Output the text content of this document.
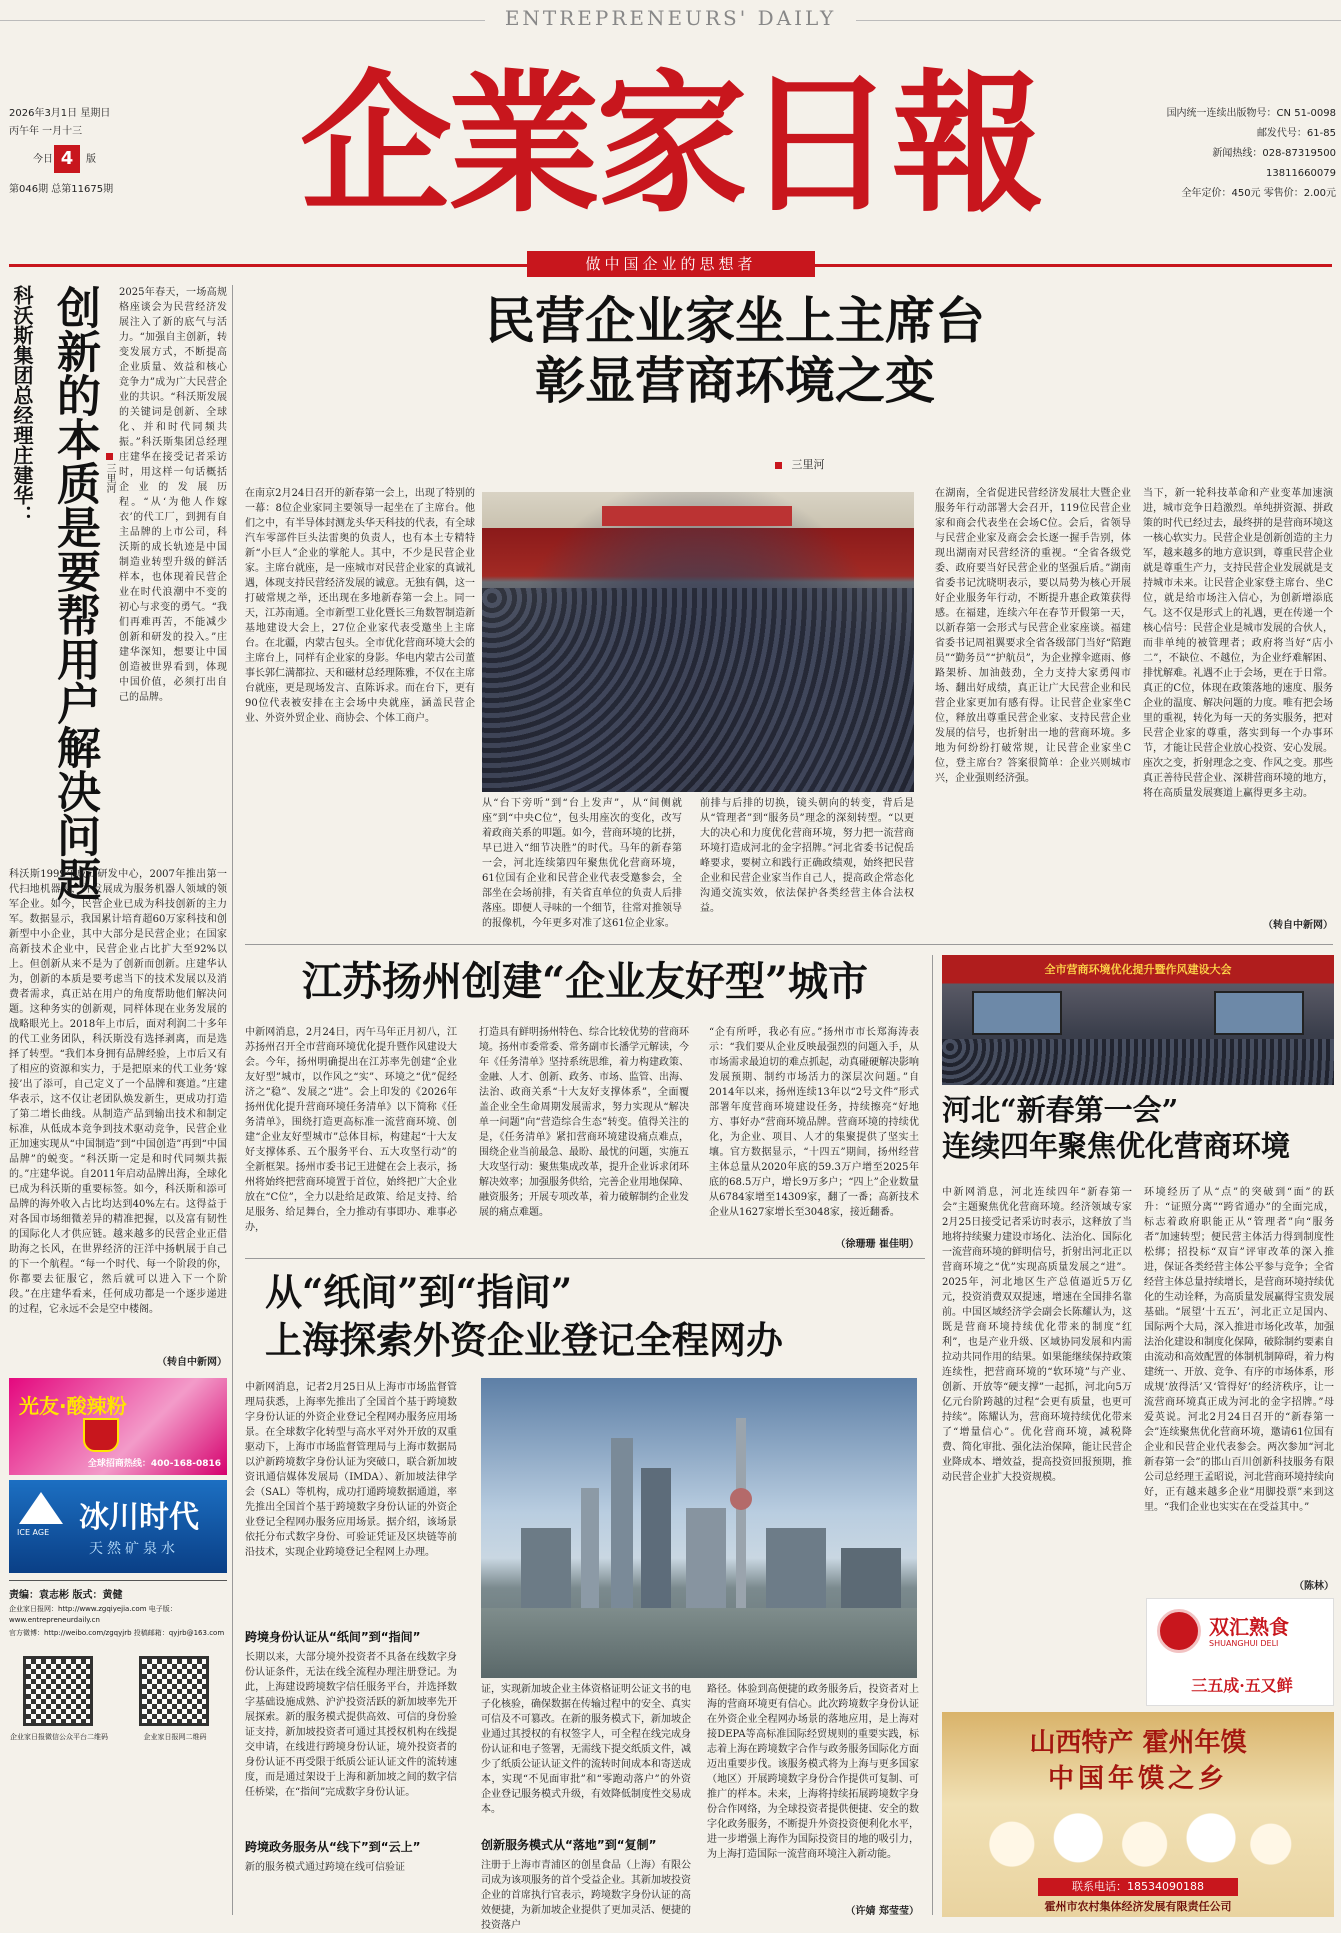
ENTREPRENEURS' DAILY
企業家日報
2026年3月1日 星期日
丙午年 一月十三
今日 4	版
第046期 总第11675期
国内统一连续出版物号：CN 51-0098
邮发代号：61-85
新闻热线：028-87319500
13811660079
全年定价：450元 零售价：2.00元
做中国企业的思想者
科沃斯集团总经理庄建华： 创新的本质是要帮用户解决问题 三里河
2025年春天，一场高规格座谈会为民营经济发展注入了新的底气与活力。“加强自主创新，转变发展方式，不断提高企业质量、效益和核心竞争力”成为广大民营企业的共识。“科沃斯发展的关键词是创新、全球化、并和时代同频共振。”科沃斯集团总经理庄建华在接受记者采访时，用这样一句话概括企业的发展历程。“从‘为他人作嫁衣’的代工厂，到拥有自主品牌的上市公司，科沃斯的成长轨迹是中国制造业转型升级的鲜活样本，也体现着民营企业在时代浪潮中不变的初心与求变的勇气。“我们再难再苦，不能减少创新和研发的投入。”庄建华深知，想要让中国创造被世界看到，体现中国价值，必须打出自己的品牌。
科沃斯1999年成立研发中心，2007年推出第一代扫地机器人，并发展成为服务机器人领域的领军企业。如今，民营企业已成为科技创新的主力军。数据显示，我国累计培育超60万家科技和创新型中小企业，其中大部分是民营企业；在国家高新技术企业中，民营企业占比扩大至92%以上。但创新从来不是为了创新而创新。庄建华认为，创新的本质是要考虑当下的技术发展以及消费者需求，真正站在用户的角度帮助他们解决问题。这种务实的创新观，同样体现在业务发展的战略眼光上。2018年上市后，面对利润二十多年的代工业务团队，科沃斯没有选择剥离，而是选择了转型。“我们本身拥有品牌经验，上市后又有了相应的资源和实力，于是把原来的代工业务‘嫁接’出了添可，自己定义了一个品牌和赛道。”庄建华表示，这不仅让老团队焕发新生，更成功打造了第二增长曲线。从制造产品到输出技术和制定标准，从低成本竞争到技术驱动竞争，民营企业正加速实现从“中国制造”到“中国创造”再到“中国品牌”的蜕变。“科沃斯一定是和时代同频共振的。”庄建华说。自2011年启动品牌出海，全球化已成为科沃斯的重要标签。如今，科沃斯和添可品牌的海外收入占比均达到40%左右。这得益于对各国市场细微差异的精准把握，以及富有韧性的国际化人才供应链。越来越多的民营企业正借助海之长风，在世界经济的汪洋中扬帆展于自己的下一个航程。“每一个时代、每一个阶段的你，你都要去征服它，然后就可以进入下一个阶段。”在庄建华看来，任何成功都是一个逐步递进的过程，它永远不会是空中楼阁。
（转自中新网）
光友·酸辣粉
全球招商热线：400-168-0816
ICE AGE 冰川时代
天然矿泉水
责编：袁志彬 版式：黄健
企业家日报网：http://www.zgqiyejia.com 电子版：www.entrepreneurdaily.cn
官方微博：http://weibo.com/zgqyjrb 投稿邮箱：qyjrb@163.com
企业家日报微信公众平台二维码	企业家日报网二维码
民营企业家坐上主席台
彰显营商环境之变
三里河
在南京2月24日召开的新春第一会上，出现了特别的一幕：8位企业家同主要领导一起坐在了主席台。他们之中，有半导体封测龙头华天科技的代表，有全球汽车零部件巨头法雷奥的负责人，也有本土专精特新“小巨人”企业的掌舵人。其中，不少是民营企业家。主席台就座，是一座城市对民营企业家的真诚礼遇，体现支持民营经济发展的诚意。无独有偶，这一打破常规之举，还出现在多地新春第一会上。同一天，江苏南通。全市新型工业化暨长三角数智制造新基地建设大会上，27位企业家代表受邀坐上主席台。在北疆，内蒙古包头。全市优化营商环境大会的主席台上，同样有企业家的身影。华电内蒙古公司董事长郭仁满都拉、天和磁材总经理陈雅，不仅在主席台就座，更是现场发言、直陈诉求。而在台下，更有90位代表被安排在主会场中央就座，涵盖民营企业、外资外贸企业、商协会、个体工商户。
从“台下旁听”到“台上发声”，从“间侧就座”到“中央C位”，包头用座次的变化，改写着政商关系的叩题。如今，营商环境的比拼，早已进入“细节决胜”的时代。马年的新春第一会，河北连续第四年聚焦优化营商环境，61位国有企业和民营企业代表受邀参会，全部坐在会场前排，有关省直单位的负责人后排落座。即便人寻味的一个细节，往常对推领导的报像机，今年更多对准了这61位企业家。
前排与后排的切换，镜头朝向的转变，背后是从“管理者”到“服务员”理念的深刻转型。“以更大的决心和力度优化营商环境，努力把一流营商环境打造成河北的金字招牌。”河北省委书记倪岳峰要求，要树立和践行正确政绩观，始终把民营企业和民营企业家当作自己人，提高政企常态化沟通交流实效，依法保护各类经营主体合法权益。
在湖南，全省促进民营经济发展壮大暨企业服务年行动部署大会召开，119位民营企业家和商会代表坐在会场C位。会后，省领导与民营企业家及商会会长逐一握手告别，体现出湖南对民营经济的重视。“全省各级党委、政府要当好民营企业的坚强后盾。”湖南省委书记沈晓明表示，要以局势为核心开展好企业服务年行动，不断提升惠企政策获得感。在福建，连续六年在春节开假第一天，以新春第一会形式与民营企业家座谈。福建省委书记周祖翼要求全省各级部门当好“陪跑员”“勤务员”“护航员”，为企业撑伞遮雨、修路架桥、加油鼓劲，全力支持大家勇闯市场、翻出好成绩，真正让广大民营企业和民营企业家更加有感有得。让民营企业家坐C位，释放出尊重民营企业家、支持民营企业发展的信号，也折射出一地的营商环境。多地为何纷纷打破常规，让民营企业家坐C位，登主席台？答案很简单：企业兴则城市兴，企业强则经济强。
当下，新一轮科技革命和产业变革加速演进，城市竞争日趋激烈。单纯拼资源、拼政策的时代已经过去，最终拼的是营商环境这一核心软实力。民营企业是创新创造的主力军，越来越多的地方意识到，尊重民营企业就是尊重生产力，支持民营企业发展就是支持城市未来。让民营企业家登主席台、坐C位，就是给市场注入信心，为创新增添底气。这不仅是形式上的礼遇，更在传递一个核心信号：民营企业是城市发展的合伙人，而非单纯的被管理者；政府将当好“店小二”，不缺位、不越位，为企业纾难解困、排忧解难。礼遇不止于会场，更在于日常。真正的C位，体现在政策落地的速度、服务企业的温度、解决问题的力度。唯有把会场里的重视，转化为每一天的务实服务，把对民营企业家的尊重，落实到每一个办事环节，才能让民营企业放心投资、安心发展。座次之变，折射理念之变、作风之变。那些真正善待民营企业、深耕营商环境的地方，将在高质量发展赛道上赢得更多主动。
（转自中新网）
江苏扬州创建“企业友好型”城市
中新网消息，2月24日，丙午马年正月初八，江苏扬州召开全市营商环境优化提升暨作风建设大会。今年，扬州明确提出在江苏率先创建“企业友好型”城市，以作风之“实”、环境之“优”促经济之“稳”、发展之“进”。会上印发的《2026年扬州优化提升营商环境任务清单》以下简称《任务清单》，围绕打造更高标准一流营商环境、创建“企业友好型城市”总体目标，构建起“十大友好支撑体系、五个服务平台、五大攻坚行动”的全新框架。扬州市委书记王进健在会上表示，扬州将始终把营商环境置于首位，始终把广大企业放在“C位”，全力以赴给足政策、给足支持、给足服务、给足舞台，全力推动有事即办、难事必办，
打造具有鲜明扬州特色、综合比较优势的营商环境。扬州市委常委、常务副市长潘学元解读，今年《任务清单》坚持系统思维，着力构建政策、金融、人才、创新、政务、市场、监管、出海、法治、政商关系“十大友好支撑体系”，全面覆盖企业全生命周期发展需求，努力实现从“解决单一问题”向“营造综合生态”转变。值得关注的是，《任务清单》紧扣营商环境建设痛点难点，围绕企业当前最急、最盼、最忧的问题，实施五大攻坚行动：聚焦集成改革，提升企业诉求闭环解决效率；加强服务供给，完善企业用地保障、融资服务；开展专项改革，着力破解制约企业发展的痛点难题。
“企有所呼，我必有应。”扬州市市长郑海涛表示：“我们要从企业反映最强烈的问题入手，从市场需求最迫切的难点抓起，动真碰硬解决影响发展预期、制约市场活力的深层次问题。”自2014年以来，扬州连续13年以“2号文件”形式部署年度营商环境建设任务，持续擦亮“好地方、事好办”营商环境品牌。营商环境的持续优化，为企业、项目、人才的集聚提供了坚实土壤。官方数据显示，“十四五”期间，扬州经营主体总量从2020年底的59.3万户增至2025年底的68.5万户，增长9万多户；“四上”企业数量从6784家增至14309家，翻了一番；高新技术企业从1627家增长至3048家，接近翻番。
（徐珊珊 崔佳明）
全市营商环境优化提升暨作风建设大会
河北“新春第一会”
连续四年聚焦优化营商环境
中新网消息，河北连续四年“新春第一会”主题聚焦优化营商环境。经济领域专家2月25日接受记者采访时表示，这释放了当地将持续聚力建设市场化、法治化、国际化一流营商环境的鲜明信号，折射出河北正以营商环境之“优”实现高质量发展之“进”。2025年，河北地区生产总值逼近5万亿元，投资消费双双提速，增速在全国排名靠前。中国区域经济学会副会长陈耀认为，这既是营商环境持续优化带来的制度“红利”，也是产业升级、区域协同发展和内需拉动共同作用的结果。如果能继续保持政策连续性，把营商环境的“软环境”与产业、创新、开放等“硬支撑”一起抓，河北向5万亿元台阶跨越的过程“会更有质量，也更可持续”。陈耀认为，营商环境持续优化带来了“增量信心”。优化营商环境，减税降费、简化审批、强化法治保障，能让民营企业降成本、增效益，提高投资回报预期，推动民营企业扩大投资规模。
环境经历了从“点”的突破到“面”的跃升：“证照分离”“跨省通办”的全面完成，标志着政府职能正从“管理者”向“服务者”加速转型；便民营主体活力得到制度性松绑；招投标“双盲”评审改革的深入推进，保证各类经营主体公平参与竞争；全省经营主体总量持续增长，是营商环境持续优化的生动诠释，为高质量发展赢得宝贵发展基础。“展望‘十五五’，河北正立足国内、国际两个大局，深入推进市场化改革，加强法治化建设和制度化保障，破除制约要素自由流动和高效配置的体制机制障碍，着力构建统一、开放、竞争、有序的市场体系，形成规‘放得活’又‘管得好’的经济秩序，让一流营商环境真正成为河北的金字招牌。”母爱英说。河北2月24日召开的“新春第一会”连续聚焦优化营商环境，邀请61位国有企业和民营企业代表参会。两次参加“河北新春第一会”的邯山百川创新科技服务有限公司总经理王孟昭说，河北营商环境持续向好，正有越来越多企业“用脚投票”来到这里。“我们企业也实实在在受益其中。”
（陈林）
双汇熟食
SHUANGHUI DELI
三五成·五又鲜
山西特产 霍州年馍
中国年馍之乡
联系电话：18534090188
霍州市农村集体经济发展有限责任公司
从“纸间”到“指间”
上海探索外资企业登记全程网办
中新网消息，记者2月25日从上海市市场监督管理局获悉，上海率先推出了全国首个基于跨境数字身份认证的外资企业登记全程网办服务应用场景。在全球数字化转型与高水平对外开放的双重驱动下，上海市市场监督管理局与上海市数据局以沪新跨境数字身份认证为突破口，联合新加坡资讯通信媒体发展局（IMDA）、新加坡法律学会（SAL）等机构，成功打通跨境数据通道，率先推出全国首个基于跨境数字身份认证的外资企业登记全程网办服务应用场景。据介绍，该场景依托分布式数字身份、可验证凭证及区块链等前沿技术，实现企业跨境登记全程网上办理。
跨境身份认证从“纸间”到“指间”
长期以来，大部分境外投资者不具备在线数字身份认证条件，无法在线全流程办理注册登记。为此，上海建设跨境数字信任服务平台，并选择数字基础设施成熟、沪沪投资活跃的新加坡率先开展探索。新的服务模式提供高效、可信的身份验证支持，新加坡投资者可通过其授权机构在线提交申请，在线进行跨境身份认证，境外投资者的身份认证不再受限于纸质公证认证文件的流转速度，而是通过架设于上海和新加坡之间的数字信任桥梁，在“指间”完成数字身份认证。
跨境政务服务从“线下”到“云上”
新的服务模式通过跨境在线可信验证
证，实现新加坡企业主体资格证明公证文书的电子化核验，确保数据在传输过程中的安全、真实可信及不可篡改。在新的服务模式下，新加坡企业通过其授权的有权签字人，可全程在线完成身份认证和电子签署，无需线下提交纸质文件，减少了纸质公证认证文件的流转时间成本和寄送成本，实现“不见面审批”和“零跑动落户”的外资企业登记服务模式升级，有效降低制度性交易成本。
创新服务模式从“落地”到“复制”
注册于上海市青浦区的创星食品（上海）有限公司成为该项服务的首个受益企业。其新加坡投资企业的首席执行官表示，跨境数字身份认证的高效便捷，为新加坡企业提供了更加灵活、便捷的投资落户
路径。体验到高便捷的政务服务后，投资者对上海的营商环境更有信心。此次跨境数字身份认证在外资企业全程网办场景的落地应用，是上海对接DEPA等高标准国际经贸规则的重要实践，标志着上海在跨境数字合作与政务服务国际化方面迈出重要步伐。该服务模式将为上海与更多国家（地区）开展跨境数字身份合作提供可复制、可推广的样本。未来，上海将持续拓展跨境数字身份合作网络，为全球投资者提供便捷、安全的数字化政务服务，不断提升外资投资便利化水平，进一步增强上海作为国际投资目的地的吸引力，为上海打造国际一流营商环境注入新动能。
（许婧 郑莹莹）
